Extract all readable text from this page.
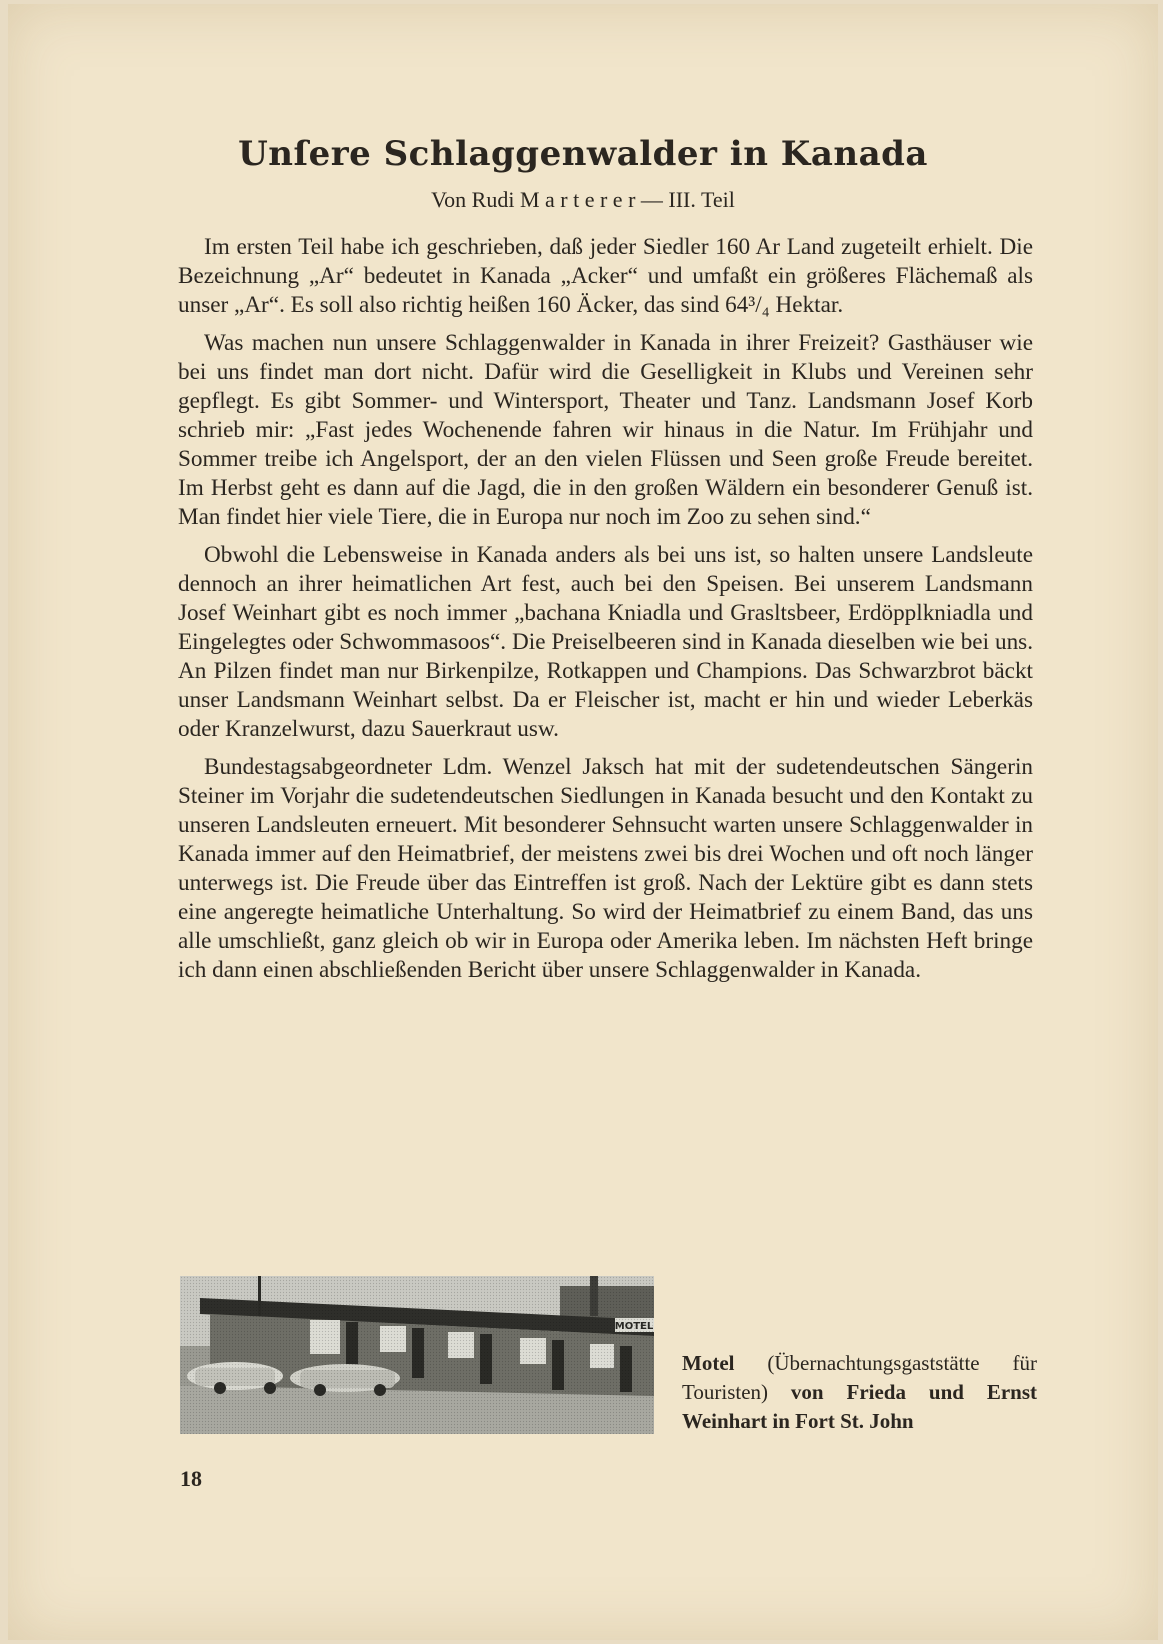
Unſere Schlaggenwalder in Kanada
Von Rudi M a r t e r e r — III. Teil

Im ersten Teil habe ich geschrieben, daß jeder Siedler 160 Ar Land zugeteilt erhielt. Die Bezeichnung „Ar“ bedeutet in Kanada „Acker“ und umfaßt ein größeres Flächemaß als unser „Ar“. Es soll also richtig heißen 160 Äcker, das sind 64³/₄ Hektar.

Was machen nun unsere Schlaggenwalder in Kanada in ihrer Freizeit? Gasthäuser wie bei uns findet man dort nicht. Dafür wird die Geselligkeit in Klubs und Vereinen sehr gepflegt. Es gibt Sommer- und Wintersport, Theater und Tanz. Landsmann Josef Korb schrieb mir: „Fast jedes Wochenende fahren wir hinaus in die Natur. Im Frühjahr und Sommer treibe ich Angelsport, der an den vielen Flüssen und Seen große Freude bereitet. Im Herbst geht es dann auf die Jagd, die in den großen Wäldern ein besonderer Genuß ist. Man findet hier viele Tiere, die in Europa nur noch im Zoo zu sehen sind.“

Obwohl die Lebensweise in Kanada anders als bei uns ist, so halten unsere Landsleute dennoch an ihrer heimatlichen Art fest, auch bei den Speisen. Bei unserem Landsmann Josef Weinhart gibt es noch immer „bachana Kniadla und Grasltsbeer, Erdöpplkniadla und Eingelegtes oder Schwommasoos“. Die Preiselbeeren sind in Kanada dieselben wie bei uns. An Pilzen findet man nur Birkenpilze, Rotkappen und Champions. Das Schwarzbrot bäckt unser Landsmann Weinhart selbst. Da er Fleischer ist, macht er hin und wieder Leberkäs oder Kranzelwurst, dazu Sauerkraut usw.

Bundestagsabgeordneter Ldm. Wenzel Jaksch hat mit der sudetendeutschen Sängerin Steiner im Vorjahr die sudetendeutschen Siedlungen in Kanada besucht und den Kontakt zu unseren Landsleuten erneuert. Mit besonderer Sehnsucht warten unsere Schlaggenwalder in Kanada immer auf den Heimatbrief, der meistens zwei bis drei Wochen und oft noch länger unterwegs ist. Die Freude über das Eintreffen ist groß. Nach der Lektüre gibt es dann stets eine angeregte heimatliche Unterhaltung. So wird der Heimatbrief zu einem Band, das uns alle umschließt, ganz gleich ob wir in Europa oder Amerika leben. Im nächsten Heft bringe ich dann einen abschließenden Bericht über unsere Schlaggenwalder in Kanada.

Motel (Übernachtungsgaststätte für Touristen) von Frieda und Ernst Weinhart in Fort St. John
18
